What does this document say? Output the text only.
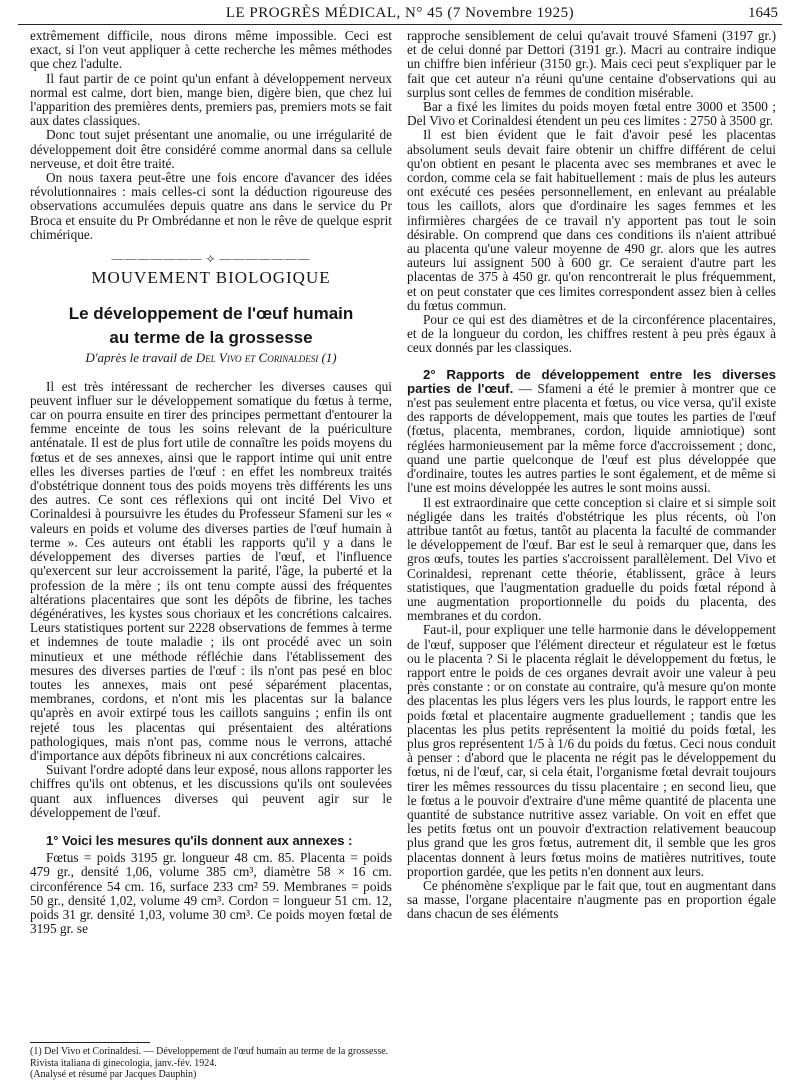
LE PROGRÈS MÉDICAL, N° 45 (7 Novembre 1925)	1645

extrêmement difficile, nous dirons même impossible. Ceci est exact, si l'on veut appliquer à cette recherche les mêmes méthodes que chez l'adulte.

Il faut partir de ce point qu'un enfant à développement nerveux normal est calme, dort bien, mange bien, digère bien, que chez lui l'apparition des premières dents, premiers pas, premiers mots se fait aux dates classiques.

Donc tout sujet présentant une anomalie, ou une irrégularité de développement doit être considéré comme anormal dans sa cellule nerveuse, et doit être traité.

On nous taxera peut-être une fois encore d'avancer des idées révolutionnaires : mais celles-ci sont la déduction rigoureuse des observations accumulées depuis quatre ans dans le service du Pr Broca et ensuite du Pr Ombrédanne et non le rêve de quelque esprit chimérique.

——————— ⟡ ———————
MOUVEMENT BIOLOGIQUE
Le développement de l'œuf humain
au terme de la grossesse
D'après le travail de Del Vivo et Corinaldesi (1)

Il est très intéressant de rechercher les diverses causes qui peuvent influer sur le développement somatique du fœtus à terme, car on pourra ensuite en tirer des principes permettant d'entourer la femme enceinte de tous les soins relevant de la puériculture anténatale. Il est de plus fort utile de connaître les poids moyens du fœtus et de ses annexes, ainsi que le rapport intime qui unit entre elles les diverses parties de l'œuf : en effet les nombreux traités d'obstétrique donnent tous des poids moyens très différents les uns des autres. Ce sont ces réflexions qui ont incité Del Vivo et Corinaldesi à poursuivre les études du Professeur Sfameni sur les « valeurs en poids et volume des diverses parties de l'œuf humain à terme ». Ces auteurs ont établi les rapports qu'il y a dans le développement des diverses parties de l'œuf, et l'influence qu'exercent sur leur accroissement la parité, l'âge, la puberté et la profession de la mère ; ils ont tenu compte aussi des fréquentes altérations placentaires que sont les dépôts de fibrine, les taches dégénératives, les kystes sous choriaux et les concrétions calcaires. Leurs statistiques portent sur 2228 observations de femmes à terme et indemnes de toute maladie ; ils ont procédé avec un soin minutieux et une méthode réfléchie dans l'établissement des mesures des diverses parties de l'œuf : ils n'ont pas pesé en bloc toutes les annexes, mais ont pesé séparément placentas, membranes, cordons, et n'ont mis les placentas sur la balance qu'après en avoir extirpé tous les caillots sanguins ; enfin ils ont rejeté tous les placentas qui présentaient des altérations pathologiques, mais n'ont pas, comme nous le verrons, attaché d'importance aux dépôts fibrineux ni aux concrétions calcaires.

Suivant l'ordre adopté dans leur exposé, nous allons rapporter les chiffres qu'ils ont obtenus, et les discussions qu'ils ont soulevées quant aux influences diverses qui peuvent agir sur le développement de l'œuf.

1° Voici les mesures qu'ils donnent aux annexes :

Fœtus = poids 3195 gr. longueur 48 cm. 85. Placenta = poids 479 gr., densité 1,06, volume 385 cm³, diamètre 58 × 16 cm. circonférence 54 cm. 16, surface 233 cm² 59. Membranes = poids 50 gr., densité 1,02, volume 49 cm³. Cordon = longueur 51 cm. 12, poids 31 gr. densité 1,03, volume 30 cm³. Ce poids moyen fœtal de 3195 gr. se

rapproche sensiblement de celui qu'avait trouvé Sfameni (3197 gr.) et de celui donné par Dettori (3191 gr.). Macri au contraire indique un chiffre bien inférieur (3150 gr.). Mais ceci peut s'expliquer par le fait que cet auteur n'a réuni qu'une centaine d'observations qui au surplus sont celles de femmes de condition misérable.

Bar a fixé les limites du poids moyen fœtal entre 3000 et 3500 ; Del Vivo et Corinaldesi étendent un peu ces limites : 2750 à 3500 gr.

Il est bien évident que le fait d'avoir pesé les placentas absolument seuls devait faire obtenir un chiffre différent de celui qu'on obtient en pesant le placenta avec ses membranes et avec le cordon, comme cela se fait habituellement : mais de plus les auteurs ont exécuté ces pesées personnellement, en enlevant au préalable tous les caillots, alors que d'ordinaire les sages femmes et les infirmières chargées de ce travail n'y apportent pas tout le soin désirable. On comprend que dans ces conditions ils n'aient attribué au placenta qu'une valeur moyenne de 490 gr. alors que les autres auteurs lui assignent 500 à 600 gr. Ce seraient d'autre part les placentas de 375 à 450 gr. qu'on rencontrerait le plus fréquemment, et on peut constater que ces limites correspondent assez bien à celles du fœtus commun.

Pour ce qui est des diamètres et de la circonférence placentaires, et de la longueur du cordon, les chiffres restent à peu près égaux à ceux donnés par les classiques.

2° Rapports de développement entre les diverses parties de l'œuf. — Sfameni a été le premier à montrer que ce n'est pas seulement entre placenta et fœtus, ou vice versa, qu'il existe des rapports de développement, mais que toutes les parties de l'œuf (fœtus, placenta, membranes, cordon, liquide amniotique) sont réglées harmonieusement par la même force d'accroissement ; donc, quand une partie quelconque de l'œuf est plus développée que d'ordinaire, toutes les autres parties le sont également, et de même si l'une est moins développée les autres le sont moins aussi.

Il est extraordinaire que cette conception si claire et si simple soit négligée dans les traités d'obstétrique les plus récents, où l'on attribue tantôt au fœtus, tantôt au placenta la faculté de commander le développement de l'œuf. Bar est le seul à remarquer que, dans les gros œufs, toutes les parties s'accroissent parallèlement. Del Vivo et Corinaldesi, reprenant cette théorie, établissent, grâce à leurs statistiques, que l'augmentation graduelle du poids fœtal répond à une augmentation proportionnelle du poids du placenta, des membranes et du cordon.

Faut-il, pour expliquer une telle harmonie dans le développement de l'œuf, supposer que l'élément directeur et régulateur est le fœtus ou le placenta ? Si le placenta réglait le développement du fœtus, le rapport entre le poids de ces organes devrait avoir une valeur à peu près constante : or on constate au contraire, qu'à mesure qu'on monte des placentas les plus légers vers les plus lourds, le rapport entre les poids fœtal et placentaire augmente graduellement ; tandis que les placentas les plus petits représentent la moitié du poids fœtal, les plus gros représentent 1/5 à 1/6 du poids du fœtus. Ceci nous conduit à penser : d'abord que le placenta ne régit pas le développement du fœtus, ni de l'œuf, car, si cela était, l'organisme fœtal devrait toujours tirer les mêmes ressources du tissu placentaire ; en second lieu, que le fœtus a le pouvoir d'extraire d'une même quantité de placenta une quantité de substance nutritive assez variable. On voit en effet que les petits fœtus ont un pouvoir d'extraction relativement beaucoup plus grand que les gros fœtus, autrement dit, il semble que les gros placentas donnent à leurs fœtus moins de matières nutritives, toute proportion gardée, que les petits n'en donnent aux leurs.

Ce phénomène s'explique par le fait que, tout en augmentant dans sa masse, l'organe placentaire n'augmente pas en proportion égale dans chacun de ses éléments

(1) Del Vivo et Corinaldesi. — Développement de l'œuf humain au terme de la grossesse. Rivista italiana di ginecologia, janv.-fév. 1924.

(Analysé et résumé par Jacques Dauphin)
